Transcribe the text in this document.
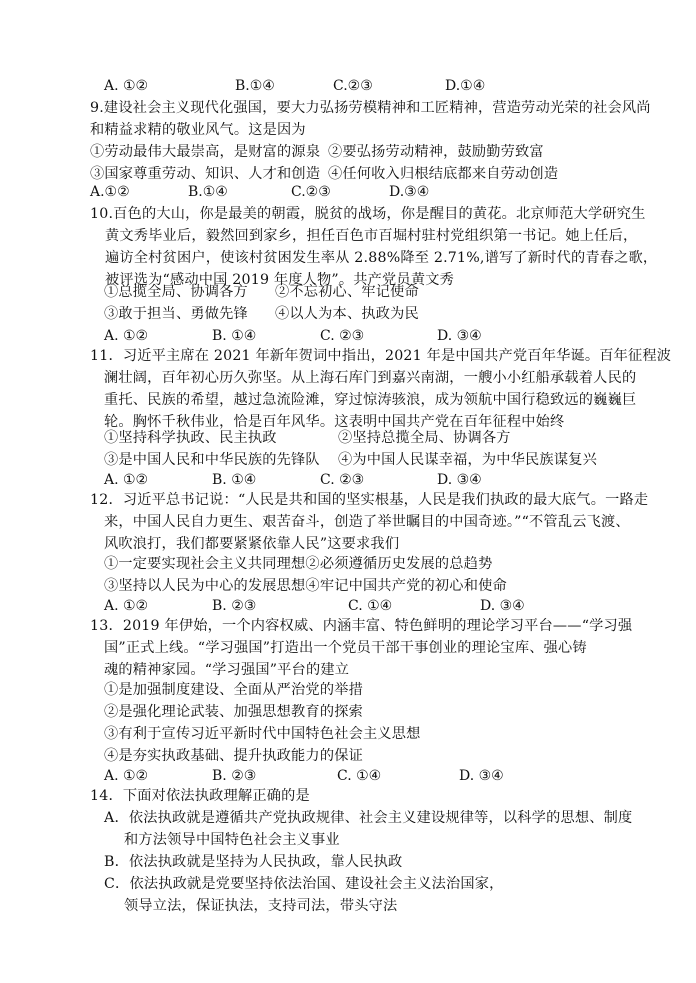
A. ①②	B.①④	C.②③	D.①④
9.建设社会主义现代化强国，要大力弘扬劳模精神和工匠精神，营造劳动光荣的社会风尚
和精益求精的敬业风气。这是因为
①劳动最伟大最崇高，是财富的源泉 ②要弘扬劳动精神，鼓励勤劳致富
③国家尊重劳动、知识、人才和创造 ④任何收入归根结底都来自劳动创造
A.①②	B.①④	C.②③	D.③④
10.百色的大山，你是最美的朝霞，脱贫的战场，你是醒目的黄花。北京师范大学研究生
黄文秀毕业后，毅然回到家乡，担任百色市百堀村驻村党组织第一书记。她上任后，
遍访全村贫困户，使该村贫困发生率从 2.88%降至 2.71%,谱写了新时代的青春之歌，
被评选为“感动中国 2019 年度人物”。共产党员黄文秀
①总揽全局、协调各方 ②不忘初心、牢记使命
③敢于担当、勇做先锋 ④以人为本、执政为民
A. ①②	B. ①④	C. ②③	D. ③④
11．习近平主席在 2021 年新年贺词中指出，2021 年是中国共产党百年华诞。百年征程波
澜壮阔，百年初心历久弥坚。从上海石库门到嘉兴南湖，一艘小小红船承载着人民的
重托、民族的希望，越过急流险滩，穿过惊涛骇浪，成为领航中国行稳致远的巍巍巨
轮。胸怀千秋伟业，恰是百年风华。这表明中国共产党在百年征程中始终
①坚持科学执政、民主执政	②坚持总揽全局、协调各方
③是中国人民和中华民族的先锋队 ④为中国人民谋幸福，为中华民族谋复兴
A. ①②	B. ①④	C. ②③	D. ③④
12．习近平总书记说：“人民是共和国的坚实根基，人民是我们执政的最大底气。一路走
来，中国人民自力更生、艰苦奋斗，创造了举世瞩目的中国奇迹。”“不管乱云飞渡、
风吹浪打，我们都要紧紧依靠人民”这要求我们
①一定要实现社会主义共同理想②必须遵循历史发展的总趋势
③坚持以人民为中心的发展思想④牢记中国共产党的初心和使命
A. ①②	B. ②③	C. ①④	D. ③④
13．2019 年伊始，一个内容权威、内涵丰富、特色鲜明的理论学习平台——“学习强
国”正式上线。“学习强国”打造出一个党员干部干事创业的理论宝库、强心铸
魂的精神家园。“学习强国”平台的建立
①是加强制度建设、全面从严治党的举措
②是强化理论武装、加强思想教育的探索
③有利于宣传习近平新时代中国特色社会主义思想
④是夯实执政基础、提升执政能力的保证
A. ①②	B. ②③	C. ①④	D. ③④
14．下面对依法执政理解正确的是
A．依法执政就是遵循共产党执政规律、社会主义建设规律等，以科学的思想、制度
和方法领导中国特色社会主义事业
B．依法执政就是坚持为人民执政，靠人民执政
C．依法执政就是党要坚持依法治国、建设社会主义法治国家，
领导立法，保证执法，支持司法，带头守法
